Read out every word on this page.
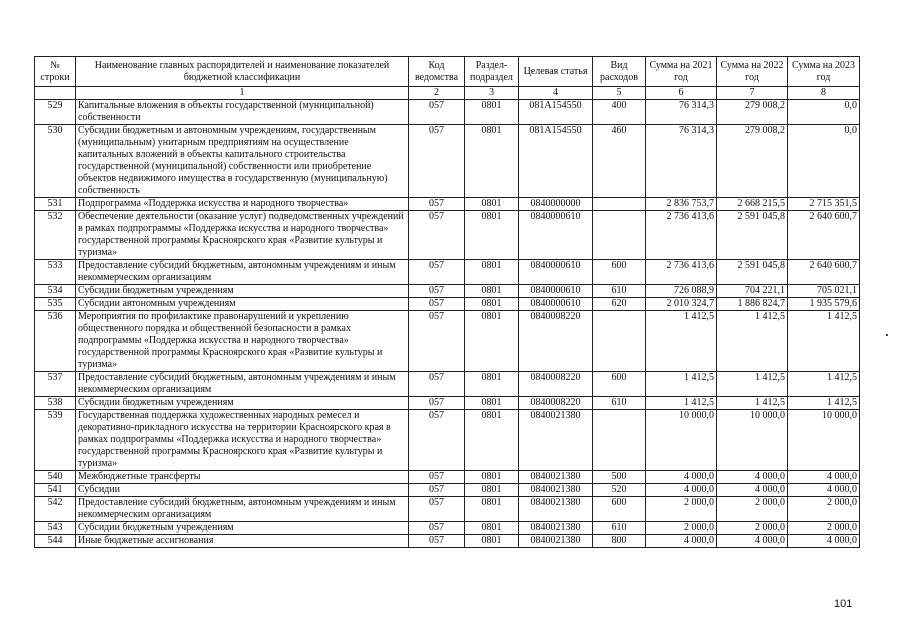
№ строки	Наименование главных распорядителей и наименование показателей бюджетной классификации	Код ведомства	Раздел-подраздел	Целевая статья	Вид расходов	Сумма на 2021 год	Сумма на 2022 год	Сумма на 2023 год
	1	2	3	4	5	6	7	8
529	Капитальные вложения в объекты государственной (муниципальной) собственности	057	0801	081A154550	400	76 314,3	279 008,2	0,0
530	Субсидии бюджетным и автономным учреждениям, государственным (муниципальным) унитарным предприятиям на осуществление капитальных вложений в объекты капитального строительства государственной (муниципальной) собственности или приобретение объектов недвижимого имущества в государственную (муниципальную) собственность	057	0801	081A154550	460	76 314,3	279 008,2	0,0
531	Подпрограмма «Поддержка искусства и народного творчества»	057	0801	0840000000		2 836 753,7	2 668 215,5	2 715 351,5
532	Обеспечение деятельности (оказание услуг) подведомственных учреждений в рамках подпрограммы «Поддержка искусства и народного творчества» государственной программы Красноярского края «Развитие культуры и туризма»	057	0801	0840000610		2 736 413,6	2 591 045,8	2 640 600,7
533	Предоставление субсидий бюджетным, автономным учреждениям и иным некоммерческим организациям	057	0801	0840000610	600	2 736 413,6	2 591 045,8	2 640 600,7
534	Субсидии бюджетным учреждениям	057	0801	0840000610	610	726 088,9	704 221,1	705 021,1
535	Субсидии автономным учреждениям	057	0801	0840000610	620	2 010 324,7	1 886 824,7	1 935 579,6
536	Мероприятия по профилактике правонарушений и укреплению общественного порядка и общественной безопасности в рамках подпрограммы «Поддержка искусства и народного творчества» государственной программы Красноярского края «Развитие культуры и туризма»	057	0801	0840008220		1 412,5	1 412,5	1 412,5
537	Предоставление субсидий бюджетным, автономным учреждениям и иным некоммерческим организациям	057	0801	0840008220	600	1 412,5	1 412,5	1 412,5
538	Субсидии бюджетным учреждениям	057	0801	0840008220	610	1 412,5	1 412,5	1 412,5
539	Государственная поддержка художественных народных ремесел и декоративно-прикладного искусства на территории Красноярского края в рамках подпрограммы «Поддержка искусства и народного творчества» государственной программы Красноярского края «Развитие культуры и туризма»	057	0801	0840021380		10 000,0	10 000,0	10 000,0
540	Межбюджетные трансферты	057	0801	0840021380	500	4 000,0	4 000,0	4 000,0
541	Субсидии	057	0801	0840021380	520	4 000,0	4 000,0	4 000,0
542	Предоставление субсидий бюджетным, автономным учреждениям и иным некоммерческим организациям	057	0801	0840021380	600	2 000,0	2 000,0	2 000,0
543	Субсидии бюджетным учреждениям	057	0801	0840021380	610	2 000,0	2 000,0	2 000,0
544	Иные бюджетные ассигнования	057	0801	0840021380	800	4 000,0	4 000,0	4 000,0
101
